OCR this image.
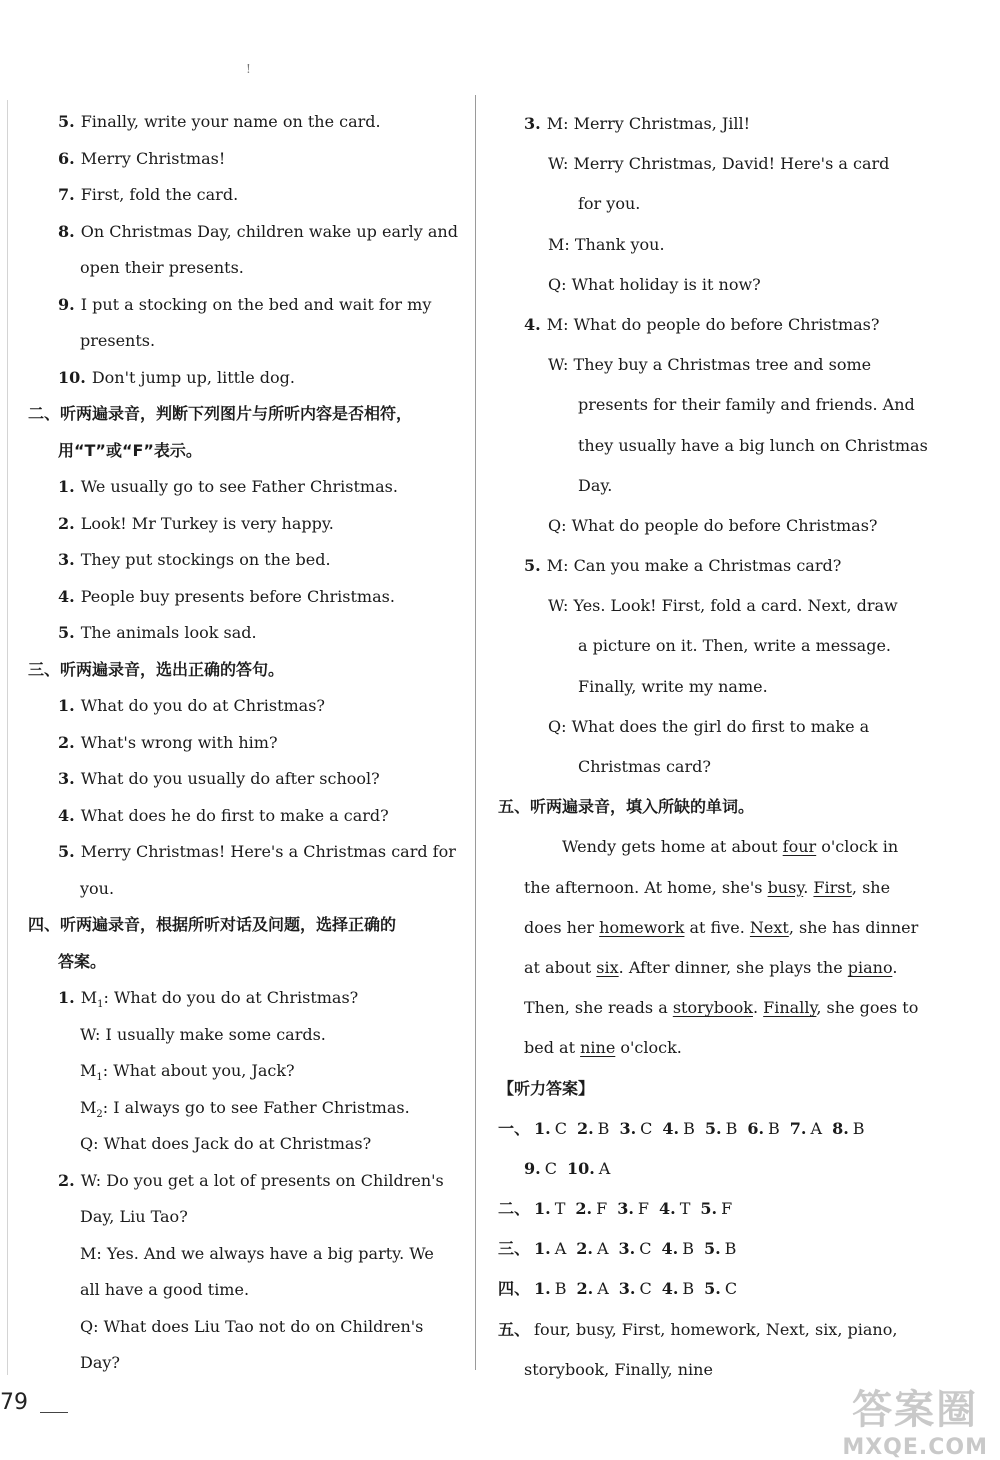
!
5. Finally, write your name on the card.
6. Merry Christmas!
7. First, fold the card.
8. On Christmas Day, children wake up early and
open their presents.
9. I put a stocking on the bed and wait for my
presents.
10. Don't jump up, little dog.
二、听两遍录音，判断下列图片与所听内容是否相符，
用“T”或“F”表示。
1. We usually go to see Father Christmas.
2. Look! Mr Turkey is very happy.
3. They put stockings on the bed.
4. People buy presents before Christmas.
5. The animals look sad.
三、听两遍录音，选出正确的答句。
1. What do you do at Christmas?
2. What's wrong with him?
3. What do you usually do after school?
4. What does he do first to make a card?
5. Merry Christmas! Here's a Christmas card for
you.
四、听两遍录音，根据所听对话及问题，选择正确的
答案。
1. $M_1$: What do you do at Christmas?
W: I usually make some cards.
$M_1$: What about you, Jack?
$M_2$: I always go to see Father Christmas.
Q: What does Jack do at Christmas?
2. W: Do you get a lot of presents on Children's
Day, Liu Tao?
M: Yes. And we always have a big party. We
all have a good time.
Q: What does Liu Tao not do on Children's
Day?
3. M: Merry Christmas, Jill!
W: Merry Christmas, David! Here's a card
for you.
M: Thank you.
Q: What holiday is it now?
4. M: What do people do before Christmas?
W: They buy a Christmas tree and some
presents for their family and friends. And
they usually have a big lunch on Christmas
Day.
Q: What do people do before Christmas?
5. M: Can you make a Christmas card?
W: Yes. Look! First, fold a card. Next, draw
a picture on it. Then, write a message.
Finally, write my name.
Q: What does the girl do first to make a
Christmas card?
五、听两遍录音，填入所缺的单词。
Wendy gets home at about four o'clock in
the afternoon. At home, she's busy. First, she
does her homework at five. Next, she has dinner
at about six. After dinner, she plays the piano.
Then, she reads a storybook. Finally, she goes to
bed at nine o'clock.
【听力答案】
一、 1. C 2. B 3. C 4. B 5. B 6. B 7. A 8. B
9. C 10. A
二、 1. T 2. F 3. F 4. T 5. F
三、 1. A 2. A 3. C 4. B 5. B
四、 1. B 2. A 3. C 4. B 5. C
五、 four, busy, First, homework, Next, six, piano,
storybook, Finally, nine
79	答案圈
MXQE.COM
